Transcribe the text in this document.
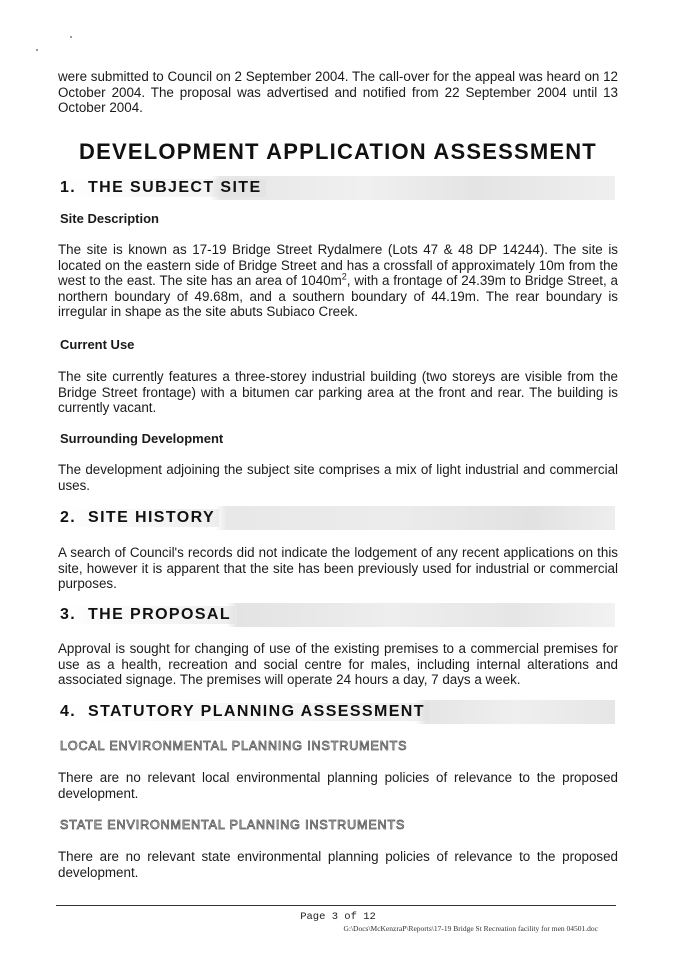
were submitted to Council on 2 September 2004. The call-over for the appeal was heard on 12 October 2004. The proposal was advertised and notified from 22 September 2004 until 13 October 2004.
DEVELOPMENT APPLICATION ASSESSMENT
1. THE SUBJECT SITE
Site Description
The site is known as 17-19 Bridge Street Rydalmere (Lots 47 & 48 DP 14244). The site is located on the eastern side of Bridge Street and has a crossfall of approximately 10m from the west to the east. The site has an area of $1040m^2$, with a frontage of 24.39m to Bridge Street, a northern boundary of 49.68m, and a southern boundary of 44.19m. The rear boundary is irregular in shape as the site abuts Subiaco Creek.
Current Use
The site currently features a three-storey industrial building (two storeys are visible from the Bridge Street frontage) with a bitumen car parking area at the front and rear. The building is currently vacant.
Surrounding Development
The development adjoining the subject site comprises a mix of light industrial and commercial uses.
2. SITE HISTORY
A search of Council's records did not indicate the lodgement of any recent applications on this site, however it is apparent that the site has been previously used for industrial or commercial purposes.
3. THE PROPOSAL
Approval is sought for changing of use of the existing premises to a commercial premises for use as a health, recreation and social centre for males, including internal alterations and associated signage. The premises will operate 24 hours a day, 7 days a week.
4. STATUTORY PLANNING ASSESSMENT
LOCAL ENVIRONMENTAL PLANNING INSTRUMENTS
There are no relevant local environmental planning policies of relevance to the proposed development.
STATE ENVIRONMENTAL PLANNING INSTRUMENTS
There are no relevant state environmental planning policies of relevance to the proposed development.
Page 3 of 12
G:\Docs\McKenzraP\Reports\17-19 Bridge St Recreation facility for men 04501.doc
